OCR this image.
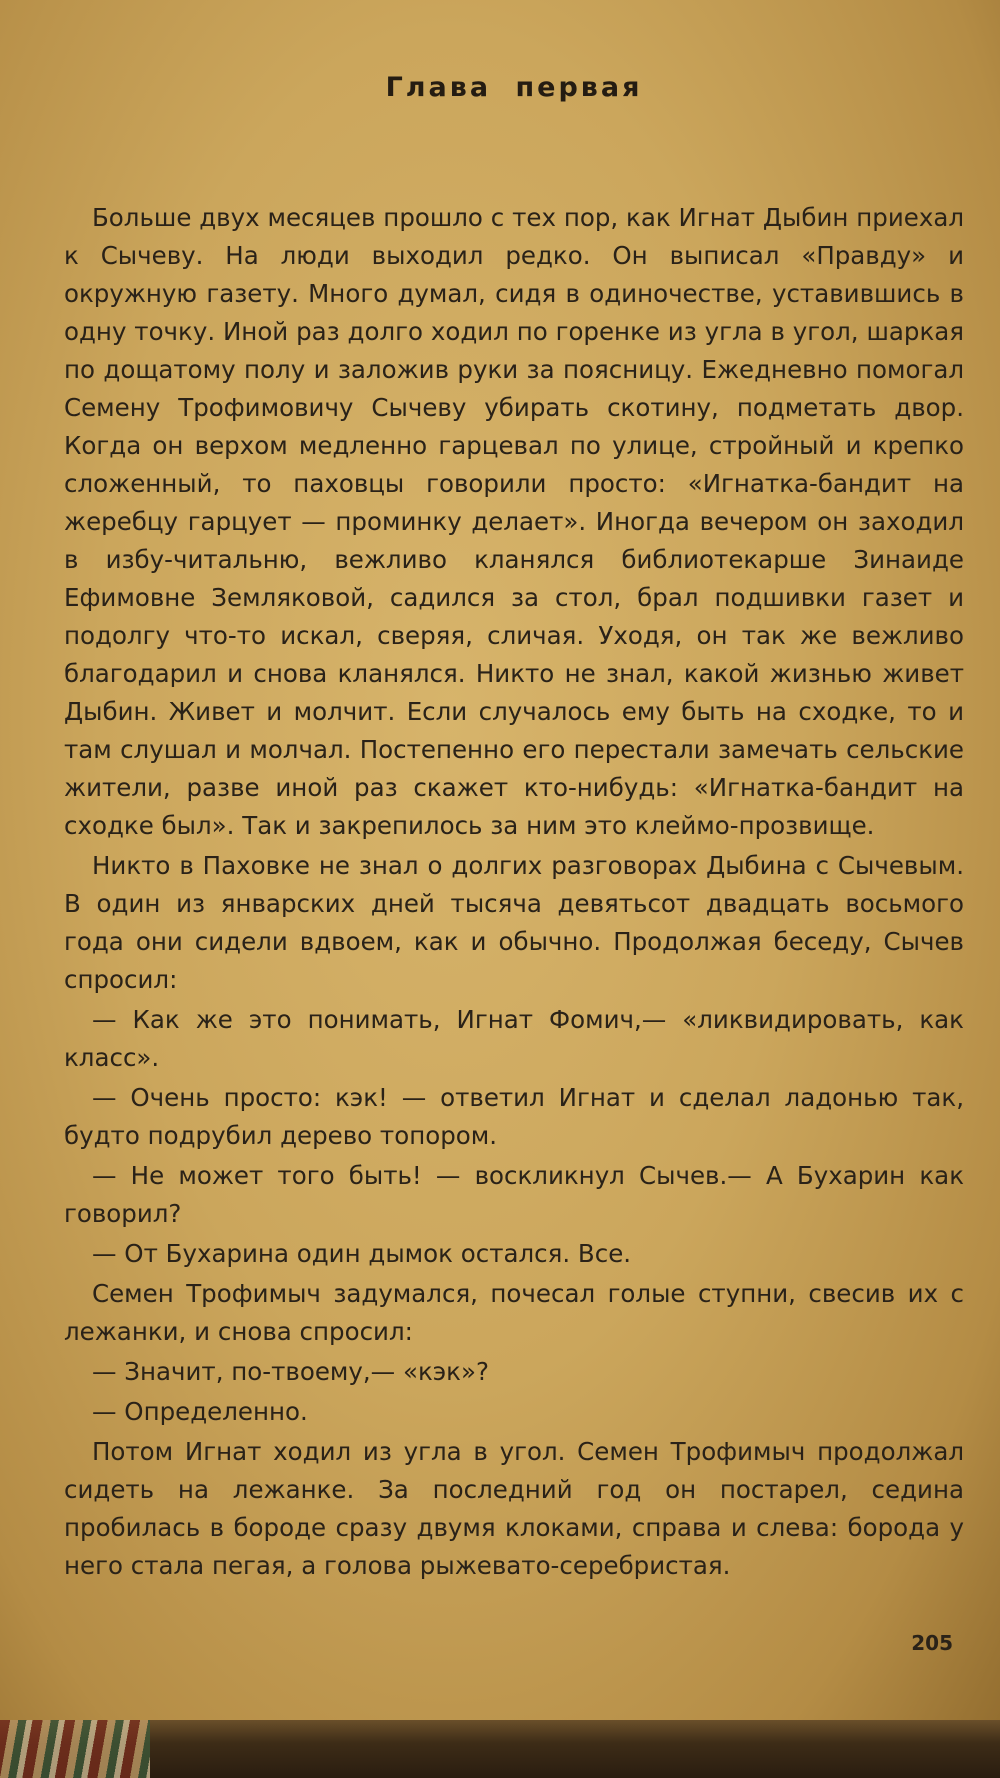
Глава первая

Больше двух месяцев прошло с тех пор, как Игнат Дыбин приехал к Сычеву. На люди выходил редко. Он выписал «Правду» и окружную газету. Много думал, сидя в одиночестве, уставившись в одну точку. Иной раз долго ходил по горенке из угла в угол, шаркая по дощатому полу и заложив руки за поясницу. Ежедневно помогал Семену Трофимовичу Сычеву убирать скотину, подметать двор. Когда он верхом медленно гарцевал по улице, стройный и крепко сложенный, то паховцы говорили просто: «Игнатка-бандит на жеребцу гарцует — проминку делает». Иногда вечером он заходил в избу-читальню, вежливо кланялся библиотекарше Зинаиде Ефимовне Земляковой, садился за стол, брал подшивки газет и подолгу что-то искал, сверяя, сличая. Уходя, он так же вежливо благодарил и снова кланялся. Никто не знал, какой жизнью живет Дыбин. Живет и молчит. Если случалось ему быть на сходке, то и там слушал и молчал. Постепенно его перестали замечать сельские жители, разве иной раз скажет кто-нибудь: «Игнатка-бандит на сходке был». Так и закрепилось за ним это клеймо-прозвище.

Никто в Паховке не знал о долгих разговорах Дыбина с Сычевым. В один из январских дней тысяча девятьсот двадцать восьмого года они сидели вдвоем, как и обычно. Продолжая беседу, Сычев спросил:

— Как же это понимать, Игнат Фомич,— «ликвидировать, как класс».

— Очень просто: кэк! — ответил Игнат и сделал ладонью так, будто подрубил дерево топором.

— Не может того быть! — воскликнул Сычев.— А Бухарин как говорил?

— От Бухарина один дымок остался. Все.

Семен Трофимыч задумался, почесал голые ступни, свесив их с лежанки, и снова спросил:

— Значит, по-твоему,— «кэк»?

— Определенно.

Потом Игнат ходил из угла в угол. Семен Трофимыч продолжал сидеть на лежанке. За последний год он постарел, седина пробилась в бороде сразу двумя клоками, справа и слева: борода у него стала пегая, а голова рыжевато-серебристая.

205
